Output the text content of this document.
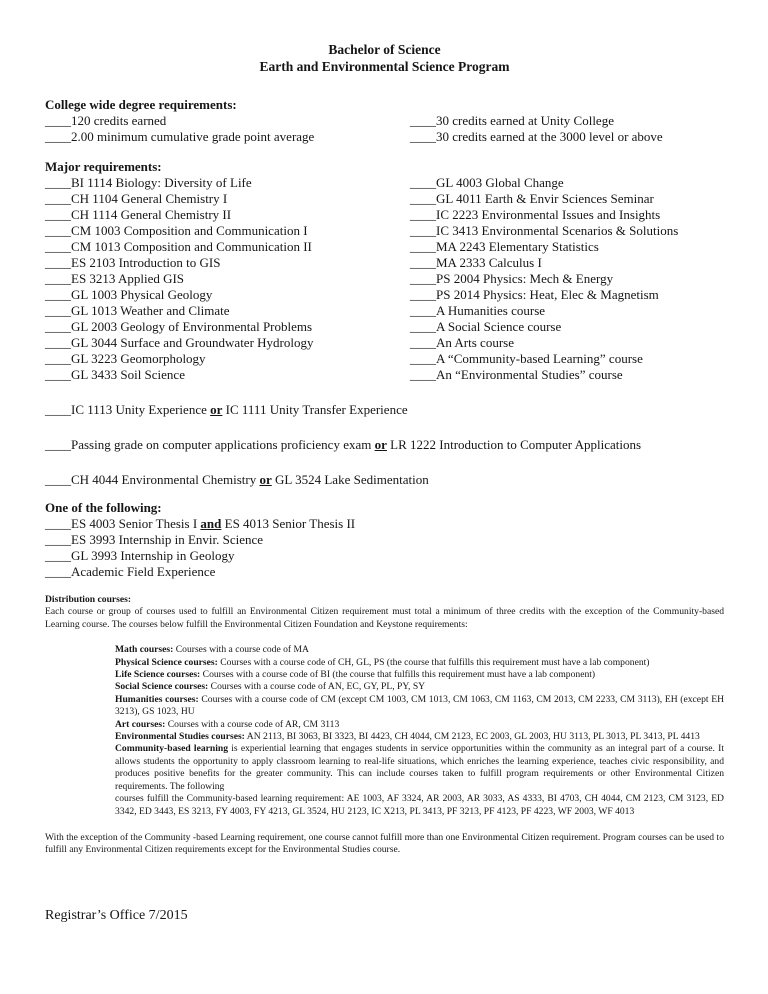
Bachelor of Science
Earth and Environmental Science Program
College wide degree requirements:
____120 credits earned
____2.00 minimum cumulative grade point average
____30 credits earned at Unity College
____30 credits earned at the 3000 level or above
Major requirements:
____BI 1114 Biology: Diversity of Life
____CH 1104 General Chemistry I
____CH 1114 General Chemistry II
____CM 1003 Composition and Communication I
____CM 1013 Composition and Communication II
____ES 2103 Introduction to GIS
____ES 3213 Applied GIS
____GL 1003 Physical Geology
____GL 1013 Weather and Climate
____GL 2003 Geology of Environmental Problems
____GL 3044 Surface and Groundwater Hydrology
____GL 3223 Geomorphology
____GL 3433 Soil Science
____GL 4003 Global Change
____GL 4011 Earth & Envir Sciences Seminar
____IC 2223 Environmental Issues and Insights
____IC 3413 Environmental Scenarios & Solutions
____MA 2243 Elementary Statistics
____MA 2333 Calculus I
____PS 2004 Physics: Mech & Energy
____PS 2014 Physics: Heat, Elec & Magnetism
____A Humanities course
____A Social Science course
____An Arts course
____A “Community-based Learning” course
____An “Environmental Studies” course
____IC 1113 Unity Experience or IC 1111 Unity Transfer Experience
____Passing grade on computer applications proficiency exam or LR 1222 Introduction to Computer Applications
____CH 4044 Environmental Chemistry or GL 3524 Lake Sedimentation
One of the following:
____ES 4003 Senior Thesis I and ES 4013 Senior Thesis II
____ES 3993 Internship in Envir. Science
____GL 3993 Internship in Geology
____Academic Field Experience
Distribution courses:
Each course or group of courses used to fulfill an Environmental Citizen requirement must total a minimum of three credits with the exception of the Community-based Learning course. The courses below fulfill the Environmental Citizen Foundation and Keystone requirements:
Math courses: Courses with a course code of MA
Physical Science courses: Courses with a course code of CH, GL, PS (the course that fulfills this requirement must have a lab component)
Life Science courses: Courses with a course code of BI (the course that fulfills this requirement must have a lab component)
Social Science courses: Courses with a course code of AN, EC, GY, PL, PY, SY
Humanities courses: Courses with a course code of CM (except CM 1003, CM 1013, CM 1063, CM 1163, CM 2013, CM 2233, CM 3113), EH (except EH 3213), GS 1023, HU
Art courses: Courses with a course code of AR, CM 3113
Environmental Studies courses: AN 2113, BI 3063, BI 3323, BI 4423, CH 4044, CM 2123, EC 2003, GL 2003, HU 3113, PL 3013, PL 3413, PL 4413
Community-based learning is experiential learning that engages students in service opportunities within the community as an integral part of a course. It allows students the opportunity to apply classroom learning to real-life situations, which enriches the learning experience, teaches civic responsibility, and produces positive benefits for the greater community. This can include courses taken to fulfill program requirements or other Environmental Citizen requirements. The following
courses fulfill the Community-based learning requirement: AE 1003, AF 3324, AR 2003, AR 3033, AS 4333, BI 4703, CH 4044, CM 2123, CM 3123, ED 3342, ED 3443, ES 3213, FY 4003, FY 4213, GL 3524, HU 2123, IC X213, PL 3413, PF 3213, PF 4123, PF 4223, WF 2003, WF 4013
With the exception of the Community -based Learning requirement, one course cannot fulfill more than one Environmental Citizen requirement. Program courses can be used to fulfill any Environmental Citizen requirements except for the Environmental Studies course.
Registrar’s Office 7/2015
